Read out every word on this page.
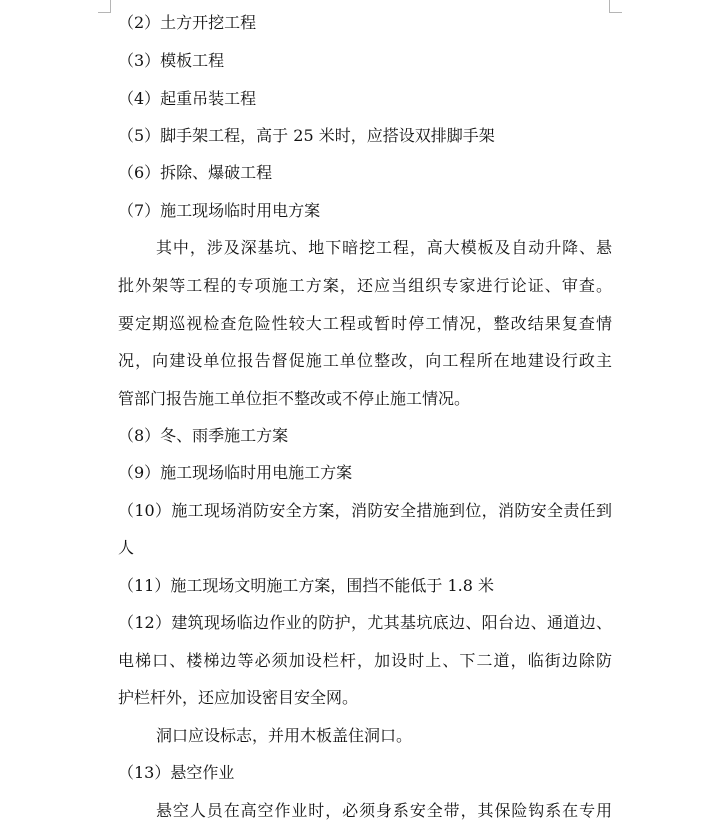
（2）土方开挖工程
（3）模板工程
（4）起重吊装工程
（5）脚手架工程，高于 25 米时，应搭设双排脚手架
（6）拆除、爆破工程
（7）施工现场临时用电方案
其中，涉及深基坑、地下暗挖工程，高大模板及自动升降、悬
批外架等工程的专项施工方案，还应当组织专家进行论证、审查。
要定期巡视检查危险性较大工程或暂时停工情况，整改结果复查情
况，向建设单位报告督促施工单位整改，向工程所在地建设行政主
管部门报告施工单位拒不整改或不停止施工情况。
（8）冬、雨季施工方案
（9）施工现场临时用电施工方案
（10）施工现场消防安全方案，消防安全措施到位，消防安全责任到
人
（11）施工现场文明施工方案，围挡不能低于 1.8 米
（12）建筑现场临边作业的防护，尤其基坑底边、阳台边、通道边、
电梯口、楼梯边等必须加设栏杆，加设时上、下二道，临街边除防
护栏杆外，还应加设密目安全网。
洞口应设标志，并用木板盖住洞口。
（13）悬空作业
悬空人员在高空作业时，必须身系安全带，其保险钩系在专用
